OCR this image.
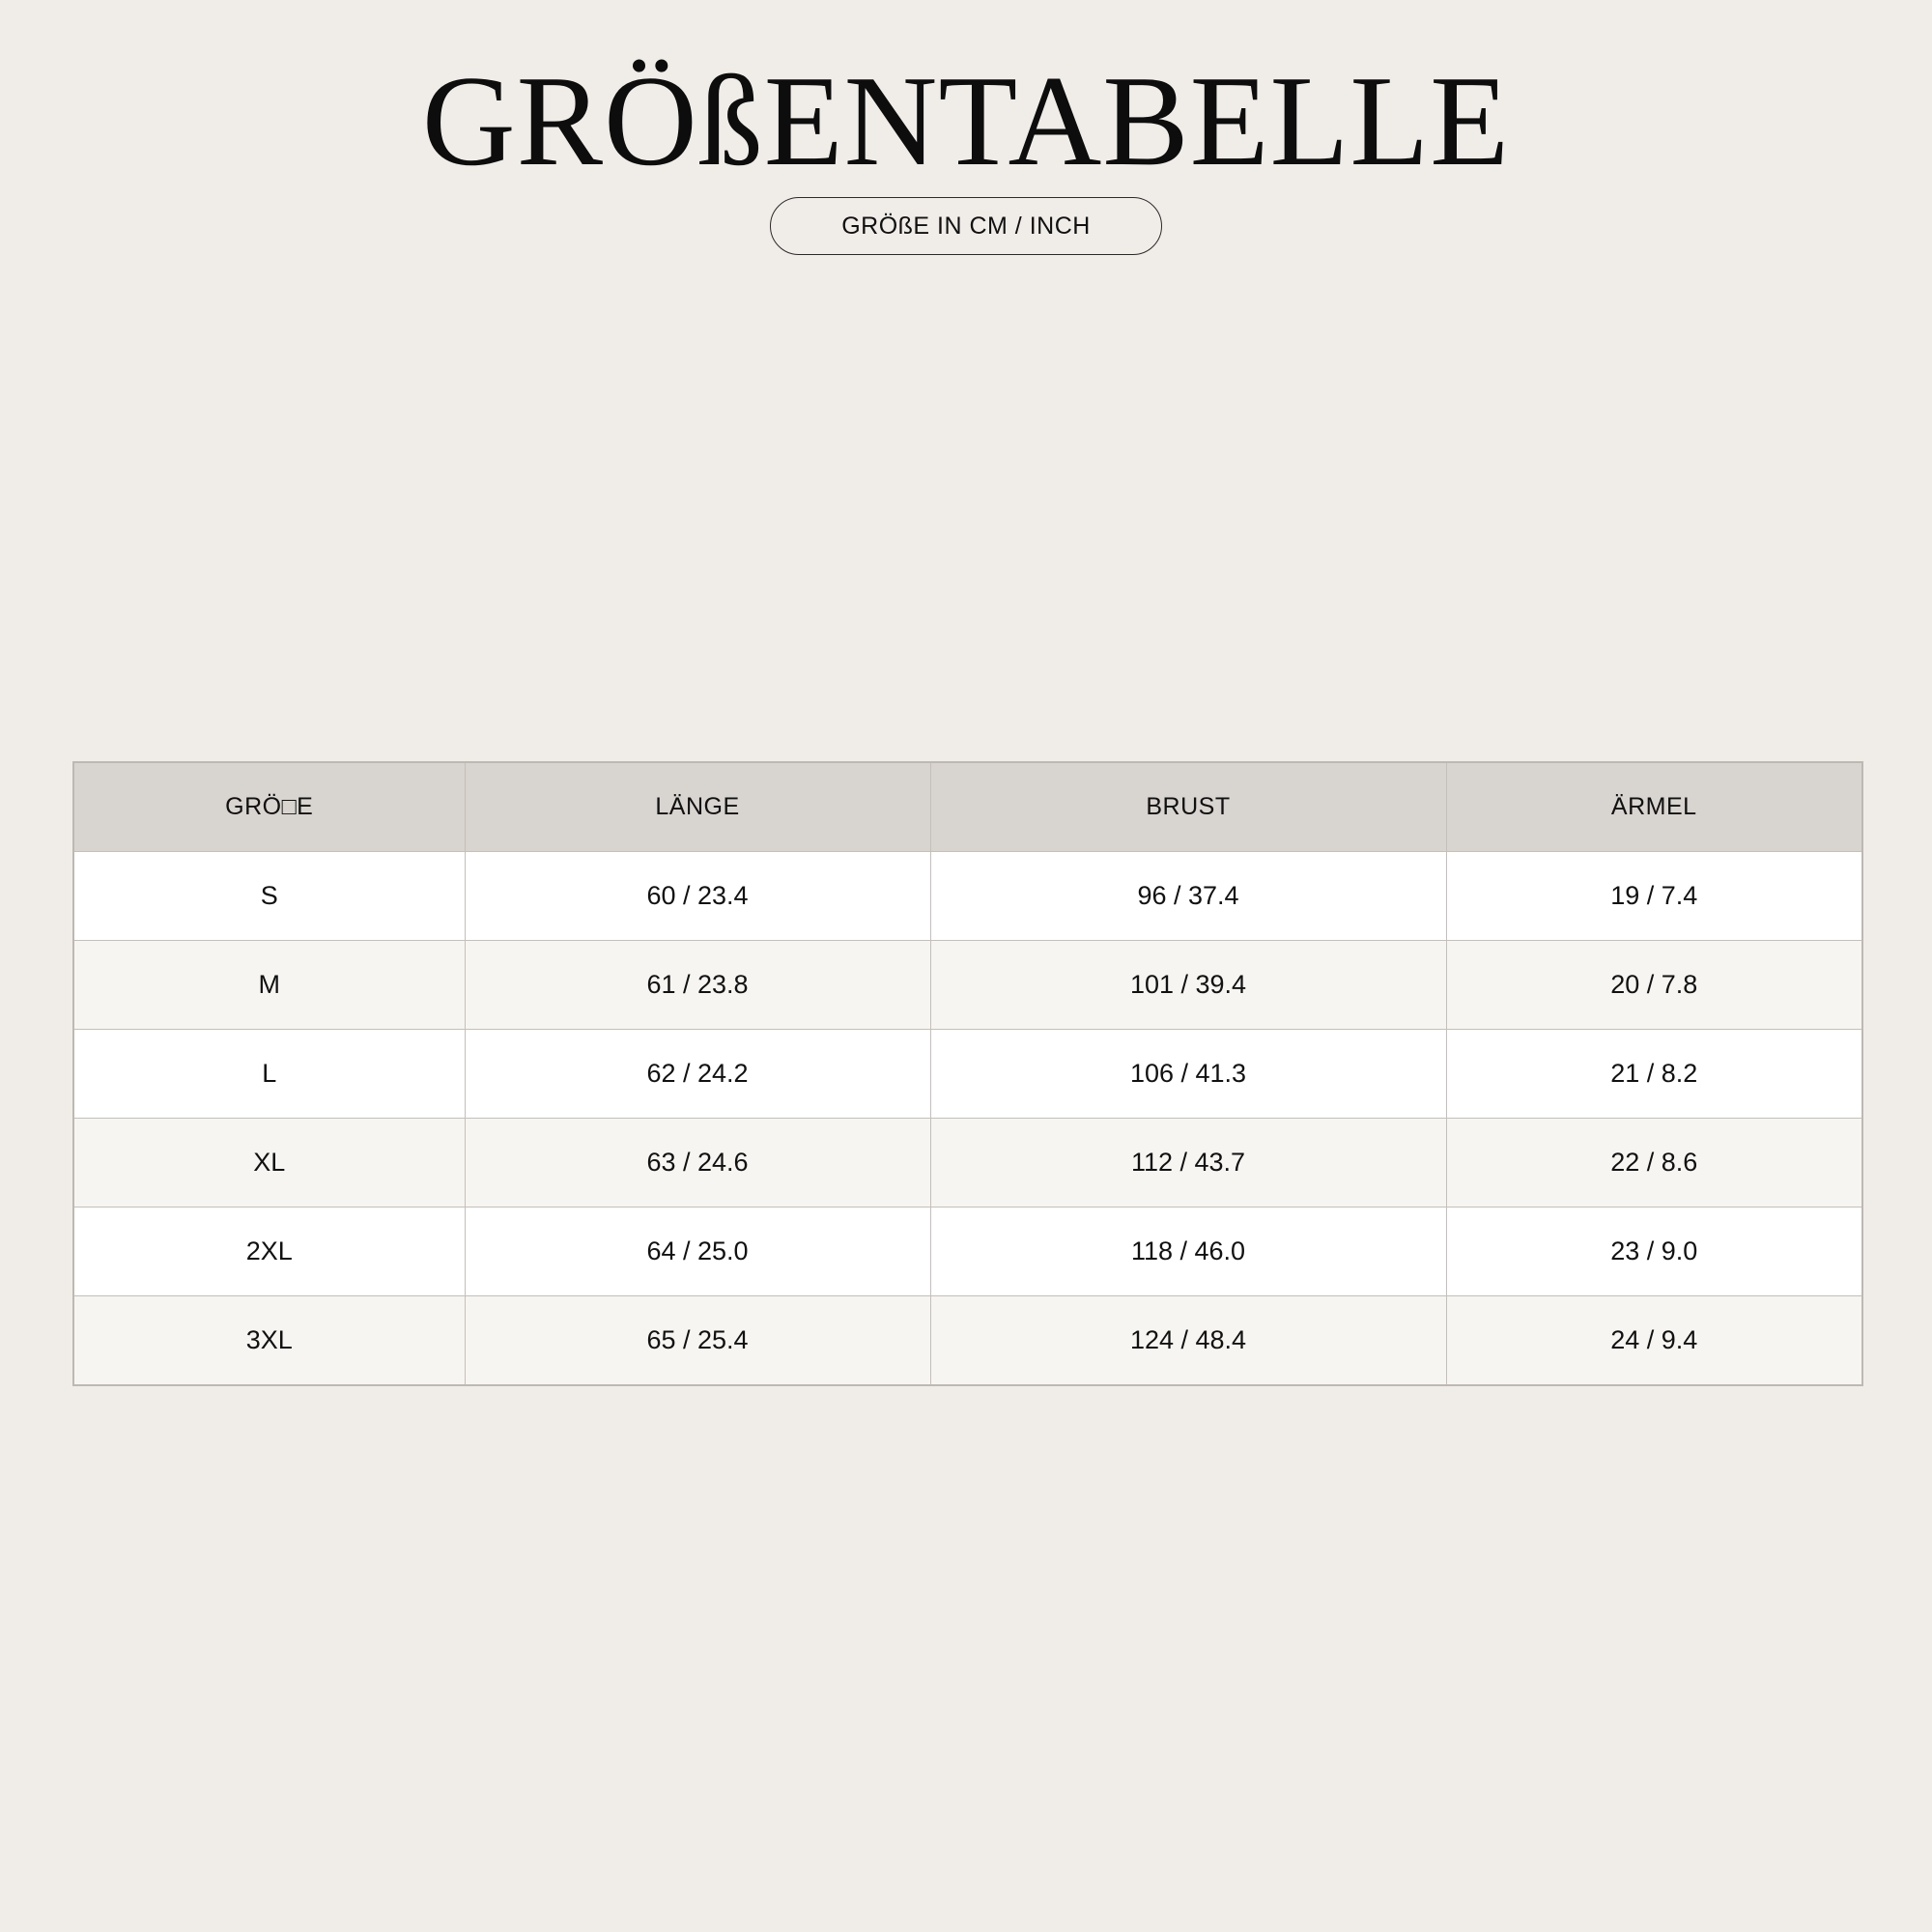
GRÖßENTABELLE
GRÖßE IN CM / INCH
GRÖ□E	LÄNGE	BRUST	ÄRMEL
S	60 / 23.4	96 / 37.4	19 / 7.4
M	61 / 23.8	101 / 39.4	20 / 7.8
L	62 / 24.2	106 / 41.3	21 / 8.2
XL	63 / 24.6	112 / 43.7	22 / 8.6
2XL	64 / 25.0	118 / 46.0	23 / 9.0
3XL	65 / 25.4	124 / 48.4	24 / 9.4
